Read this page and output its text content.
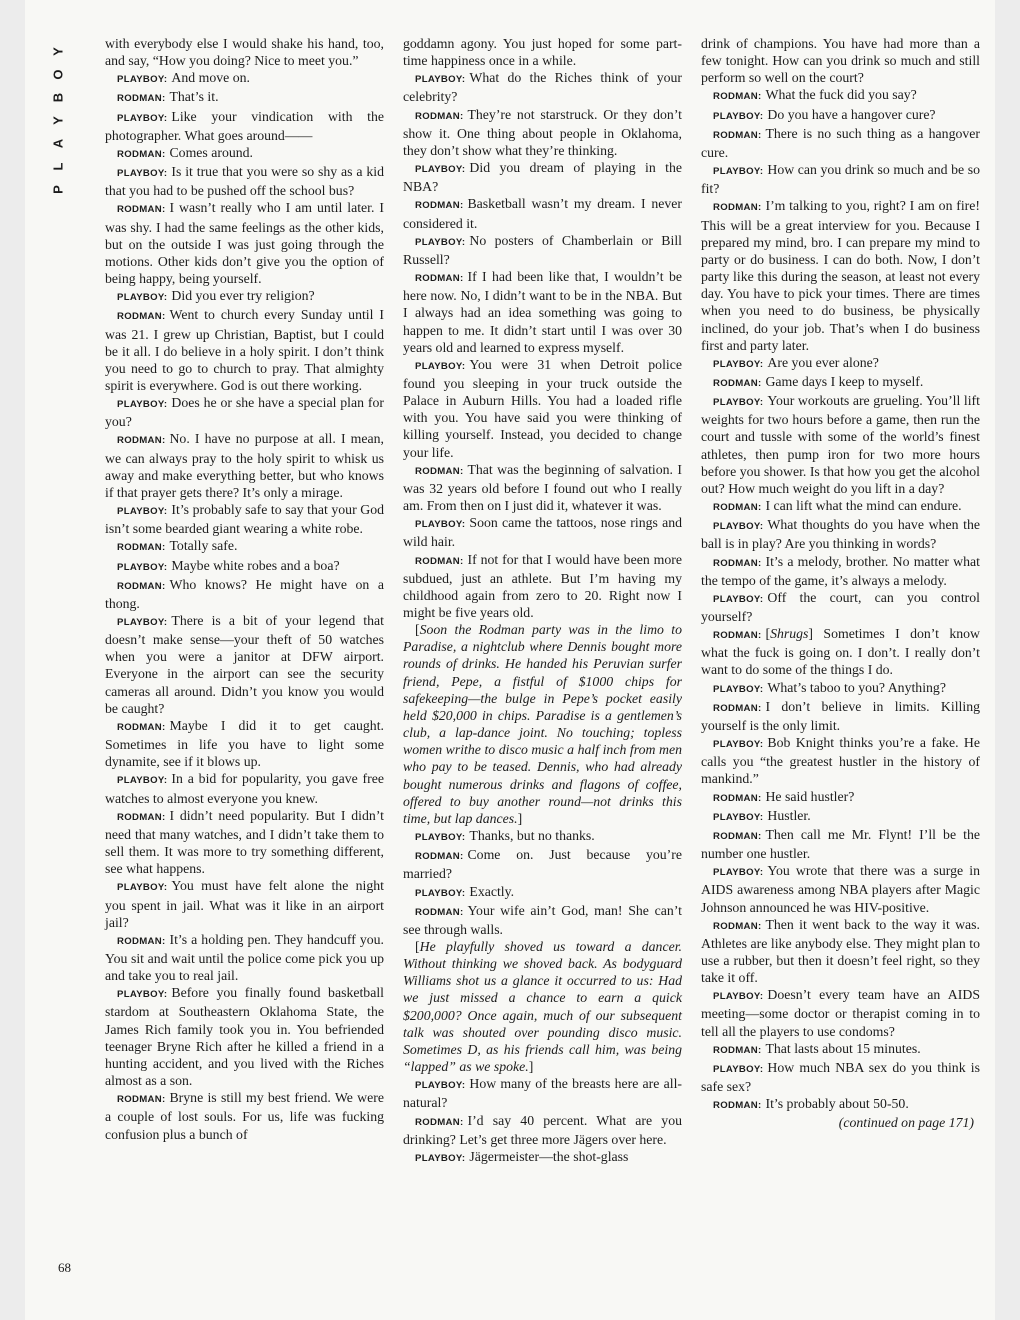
Y
O
B
Y
A
L
P

with everybody else I would shake his hand, too, and say, “How you doing? Nice to meet you.”

PLAYBOY: And move on.

RODMAN: That’s it.

PLAYBOY: Like your vindication with the photographer. What goes around——

RODMAN: Comes around.

PLAYBOY: Is it true that you were so shy as a kid that you had to be pushed off the school bus?

RODMAN: I wasn’t really who I am until later. I was shy. I had the same feelings as the other kids, but on the outside I was just going through the motions. Other kids don’t give you the option of being happy, being yourself.

PLAYBOY: Did you ever try religion?

RODMAN: Went to church every Sunday until I was 21. I grew up Christian, Baptist, but I could be it all. I do believe in a holy spirit. I don’t think you need to go to church to pray. That almighty spirit is everywhere. God is out there working.

PLAYBOY: Does he or she have a special plan for you?

RODMAN: No. I have no purpose at all. I mean, we can always pray to the holy spirit to whisk us away and make everything better, but who knows if that prayer gets there? It’s only a mirage.

PLAYBOY: It’s probably safe to say that your God isn’t some bearded giant wearing a white robe.

RODMAN: Totally safe.

PLAYBOY: Maybe white robes and a boa?

RODMAN: Who knows? He might have on a thong.

PLAYBOY: There is a bit of your legend that doesn’t make sense—your theft of 50 watches when you were a janitor at DFW airport. Everyone in the airport can see the security cameras all around. Didn’t you know you would be caught?

RODMAN: Maybe I did it to get caught. Sometimes in life you have to light some dynamite, see if it blows up.

PLAYBOY: In a bid for popularity, you gave free watches to almost everyone you knew.

RODMAN: I didn’t need popularity. But I didn’t need that many watches, and I didn’t take them to sell them. It was more to try something different, see what happens.

PLAYBOY: You must have felt alone the night you spent in jail. What was it like in an airport jail?

RODMAN: It’s a holding pen. They handcuff you. You sit and wait until the police come pick you up and take you to real jail.

PLAYBOY: Before you finally found basketball stardom at Southeastern Oklahoma State, the James Rich family took you in. You befriended teenager Bryne Rich after he killed a friend in a hunting accident, and you lived with the Riches almost as a son.

RODMAN: Bryne is still my best friend. We were a couple of lost souls. For us, life was fucking confusion plus a bunch of

goddamn agony. You just hoped for some part-time happiness once in a while.

PLAYBOY: What do the Riches think of your celebrity?

RODMAN: They’re not starstruck. Or they don’t show it. One thing about people in Oklahoma, they don’t show what they’re thinking.

PLAYBOY: Did you dream of playing in the NBA?

RODMAN: Basketball wasn’t my dream. I never considered it.

PLAYBOY: No posters of Chamberlain or Bill Russell?

RODMAN: If I had been like that, I wouldn’t be here now. No, I didn’t want to be in the NBA. But I always had an idea something was going to happen to me. It didn’t start until I was over 30 years old and learned to express myself.

PLAYBOY: You were 31 when Detroit police found you sleeping in your truck outside the Palace in Auburn Hills. You had a loaded rifle with you. You have said you were thinking of killing yourself. Instead, you decided to change your life.

RODMAN: That was the beginning of salvation. I was 32 years old before I found out who I really am. From then on I just did it, whatever it was.

PLAYBOY: Soon came the tattoos, nose rings and wild hair.

RODMAN: If not for that I would have been more subdued, just an athlete. But I’m having my childhood again from zero to 20. Right now I might be five years old.

[Soon the Rodman party was in the limo to Paradise, a nightclub where Dennis bought more rounds of drinks. He handed his Peruvian surfer friend, Pepe, a fistful of $1000 chips for safekeeping—the bulge in Pepe’s pocket easily held $20,000 in chips. Paradise is a gentlemen’s club, a lap-dance joint. No touching; topless women writhe to disco music a half inch from men who pay to be teased. Dennis, who had already bought numerous drinks and flagons of coffee, offered to buy another round—not drinks this time, but lap dances.]

PLAYBOY: Thanks, but no thanks.

RODMAN: Come on. Just because you’re married?

PLAYBOY: Exactly.

RODMAN: Your wife ain’t God, man! She can’t see through walls.

[He playfully shoved us toward a dancer. Without thinking we shoved back. As bodyguard Williams shot us a glance it occurred to us: Had we just missed a chance to earn a quick $200,000? Once again, much of our subsequent talk was shouted over pounding disco music. Sometimes D, as his friends call him, was being “lapped” as we spoke.]

PLAYBOY: How many of the breasts here are all-natural?

RODMAN: I’d say 40 percent. What are you drinking? Let’s get three more Jägers over here.

PLAYBOY: Jägermeister—the shot-glass

drink of champions. You have had more than a few tonight. How can you drink so much and still perform so well on the court?

RODMAN: What the fuck did you say?

PLAYBOY: Do you have a hangover cure?

RODMAN: There is no such thing as a hangover cure.

PLAYBOY: How can you drink so much and be so fit?

RODMAN: I’m talking to you, right? I am on fire! This will be a great interview for you. Because I prepared my mind, bro. I can prepare my mind to party or do business. I can do both. Now, I don’t party like this during the season, at least not every day. You have to pick your times. There are times when you need to do business, be physically inclined, do your job. That’s when I do business first and party later.

PLAYBOY: Are you ever alone?

RODMAN: Game days I keep to myself.

PLAYBOY: Your workouts are grueling. You’ll lift weights for two hours before a game, then run the court and tussle with some of the world’s finest athletes, then pump iron for two more hours before you shower. Is that how you get the alcohol out? How much weight do you lift in a day?

RODMAN: I can lift what the mind can endure.

PLAYBOY: What thoughts do you have when the ball is in play? Are you thinking in words?

RODMAN: It’s a melody, brother. No matter what the tempo of the game, it’s always a melody.

PLAYBOY: Off the court, can you control yourself?

RODMAN: [Shrugs] Sometimes I don’t know what the fuck is going on. I don’t. I really don’t want to do some of the things I do.

PLAYBOY: What’s taboo to you? Anything?

RODMAN: I don’t believe in limits. Killing yourself is the only limit.

PLAYBOY: Bob Knight thinks you’re a fake. He calls you “the greatest hustler in the history of mankind.”

RODMAN: He said hustler?

PLAYBOY: Hustler.

RODMAN: Then call me Mr. Flynt! I’ll be the number one hustler.

PLAYBOY: You wrote that there was a surge in AIDS awareness among NBA players after Magic Johnson announced he was HIV-positive.

RODMAN: Then it went back to the way it was. Athletes are like anybody else. They might plan to use a rubber, but then it doesn’t feel right, so they take it off.

PLAYBOY: Doesn’t every team have an AIDS meeting—some doctor or therapist coming in to tell all the players to use condoms?

RODMAN: That lasts about 15 minutes.

PLAYBOY: How much NBA sex do you think is safe sex?

RODMAN: It’s probably about 50-50.

(continued on page 171)

68
